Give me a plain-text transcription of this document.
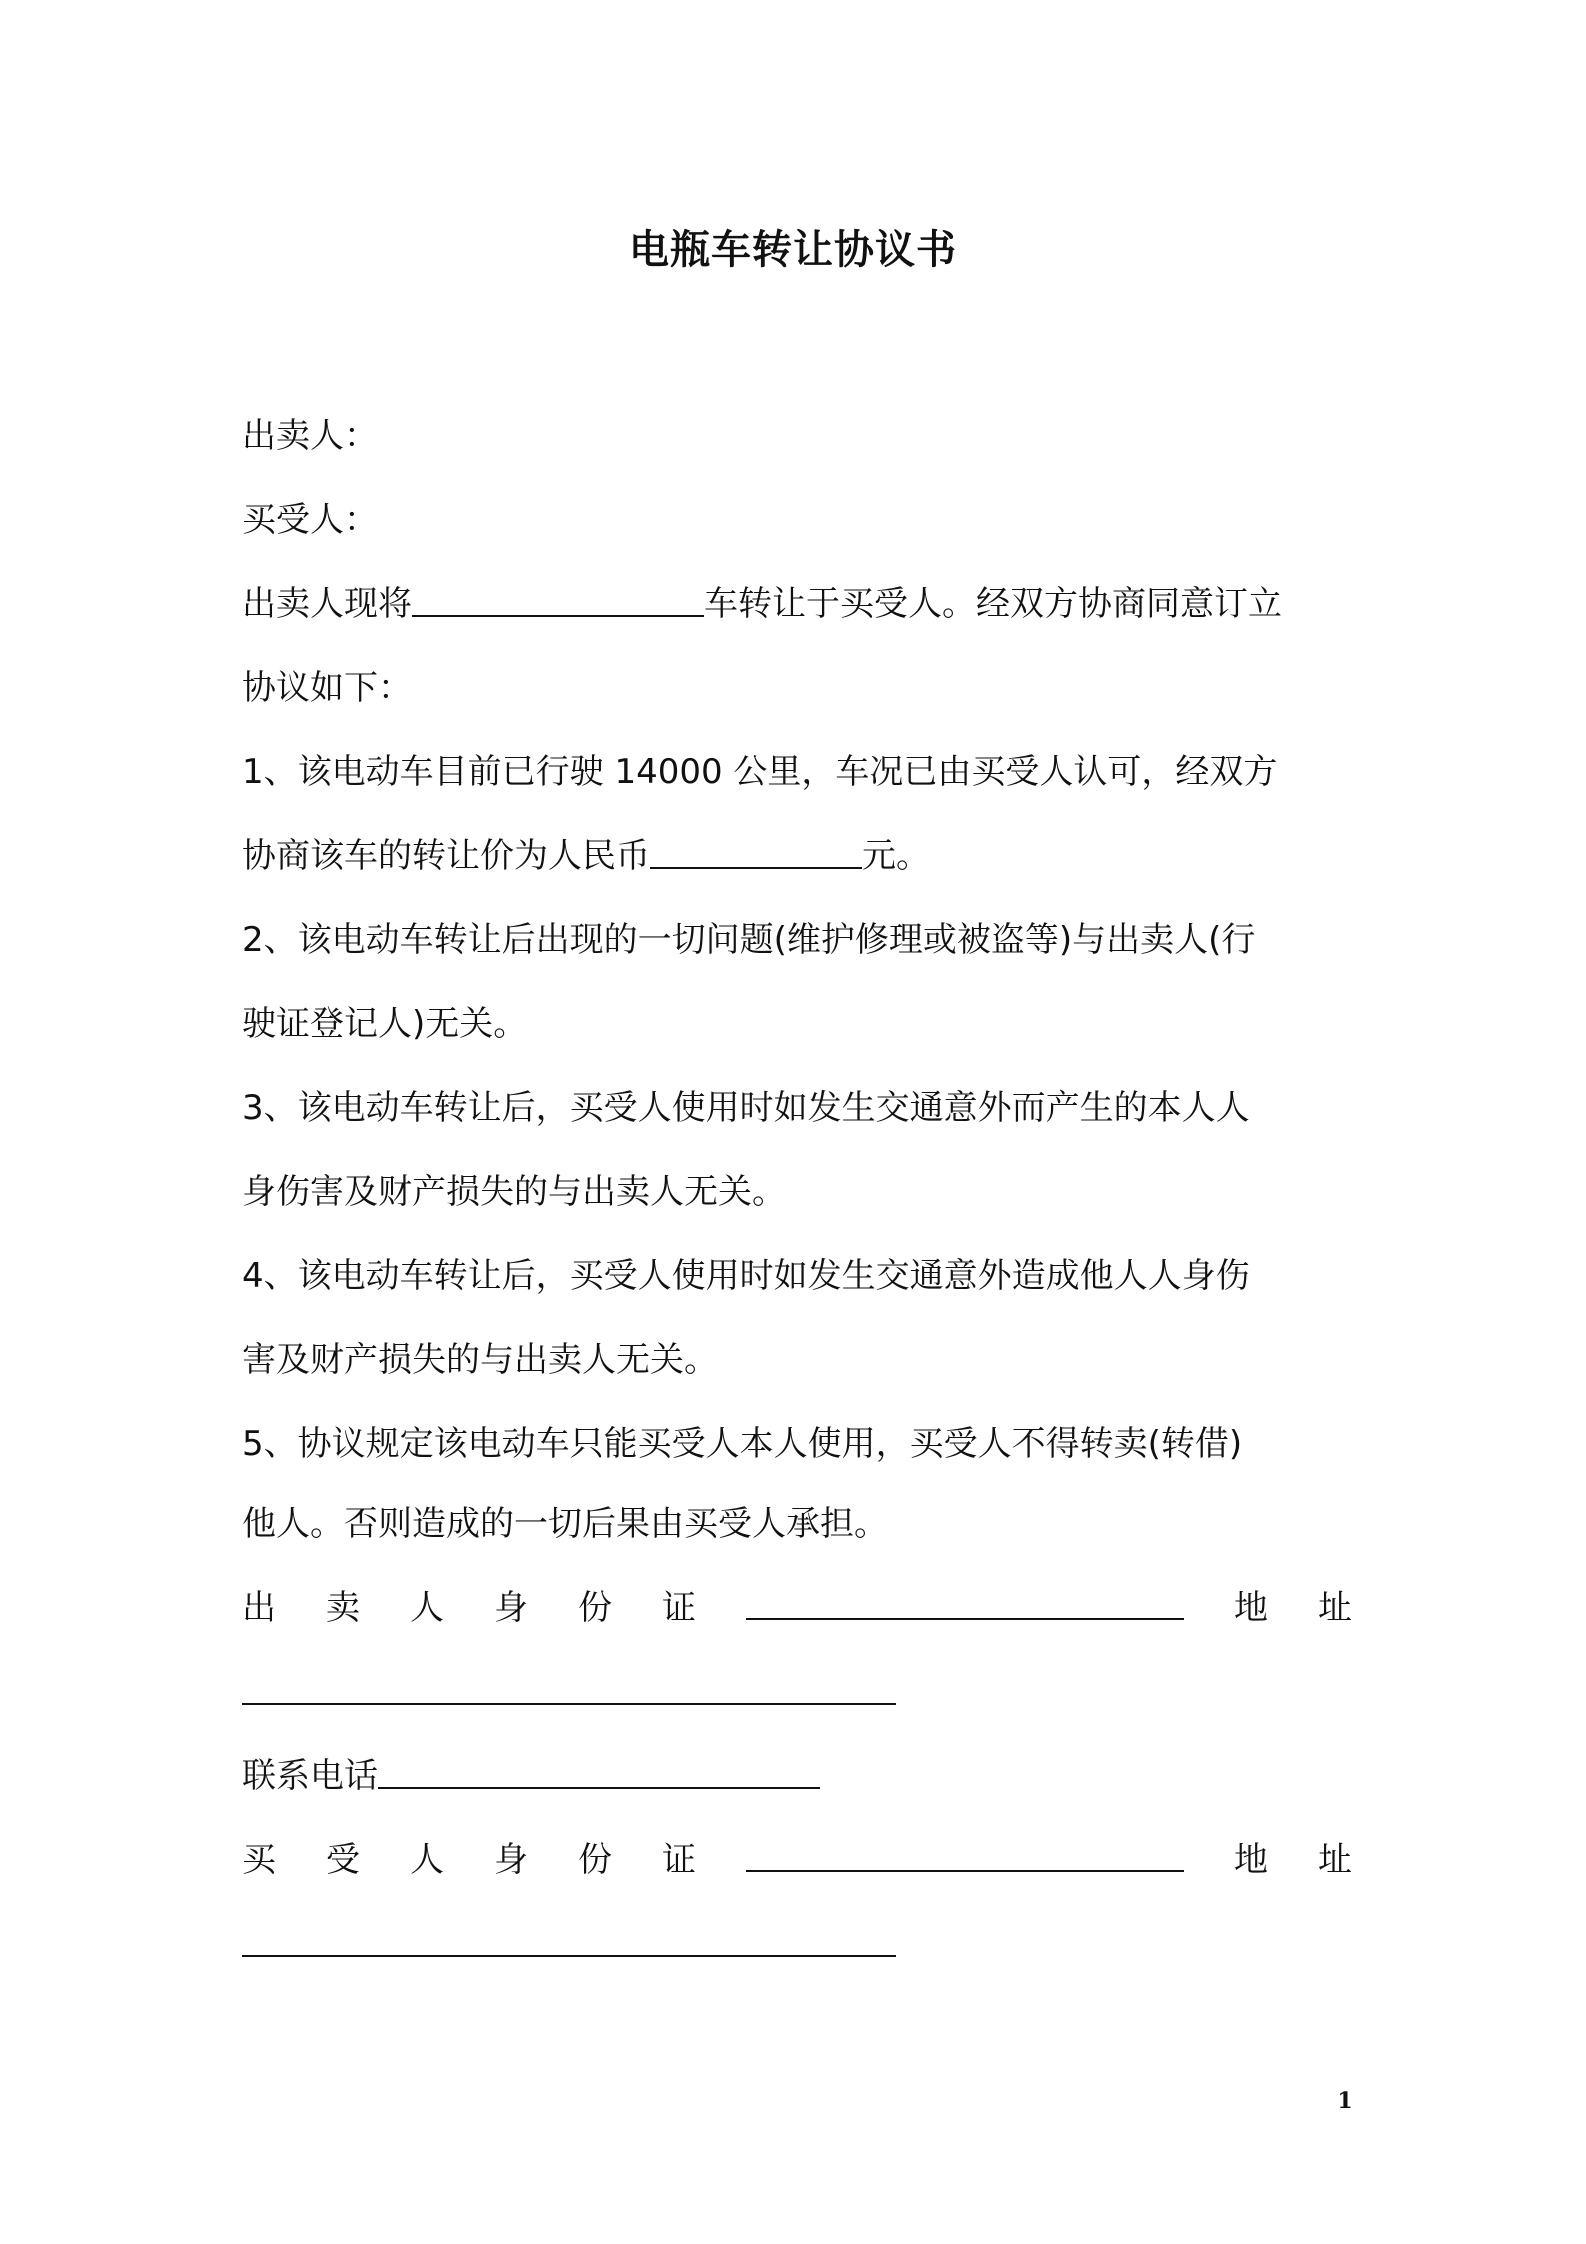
电瓶车转让协议书
出卖人：
买受人：
出卖人现将	车转让于买受人。经双方协商同意订立
协议如下：
1、该电动车目前已行驶 14000 公里，车况已由买受人认可，经双方
协商该车的转让价为人民币	元。
2、该电动车转让后出现的一切问题(维护修理或被盗等)与出卖人(行
驶证登记人)无关。
3、该电动车转让后，买受人使用时如发生交通意外而产生的本人人
身伤害及财产损失的与出卖人无关。
4、该电动车转让后，买受人使用时如发生交通意外造成他人人身伤
害及财产损失的与出卖人无关。
5、协议规定该电动车只能买受人本人使用，买受人不得转卖(转借)
他人。否则造成的一切后果由买受人承担。
出 卖 人 身 份 证	地 址
联系电话
买 受 人 身 份 证	地 址
1
